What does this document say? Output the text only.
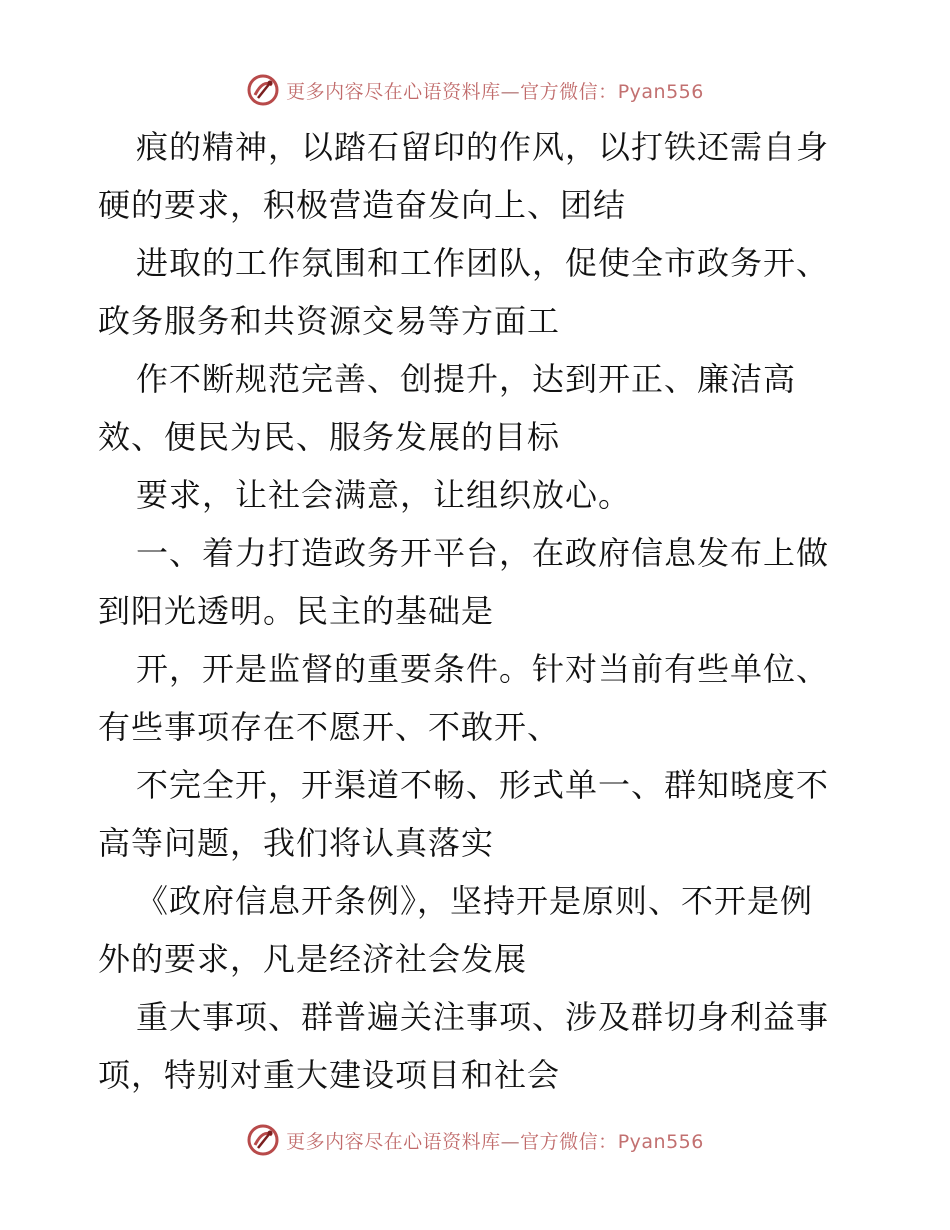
更多内容尽在心语资料库—官方微信：Pyan556
痕的精神，以踏石留印的作风，以打铁还需自身
硬的要求，积极营造奋发向上、团结
进取的工作氛围和工作团队，促使全市政务开、
政务服务和共资源交易等方面工
作不断规范完善、创提升，达到开正、廉洁高
效、便民为民、服务发展的目标
要求，让社会满意，让组织放心。
一、着力打造政务开平台，在政府信息发布上做
到阳光透明。民主的基础是
开，开是监督的重要条件。针对当前有些单位、
有些事项存在不愿开、不敢开、
不完全开，开渠道不畅、形式单一、群知晓度不
高等问题，我们将认真落实
《政府信息开条例》，坚持开是原则、不开是例
外的要求，凡是经济社会发展
重大事项、群普遍关注事项、涉及群切身利益事
项，特别对重大建设项目和社会
更多内容尽在心语资料库—官方微信：Pyan556
